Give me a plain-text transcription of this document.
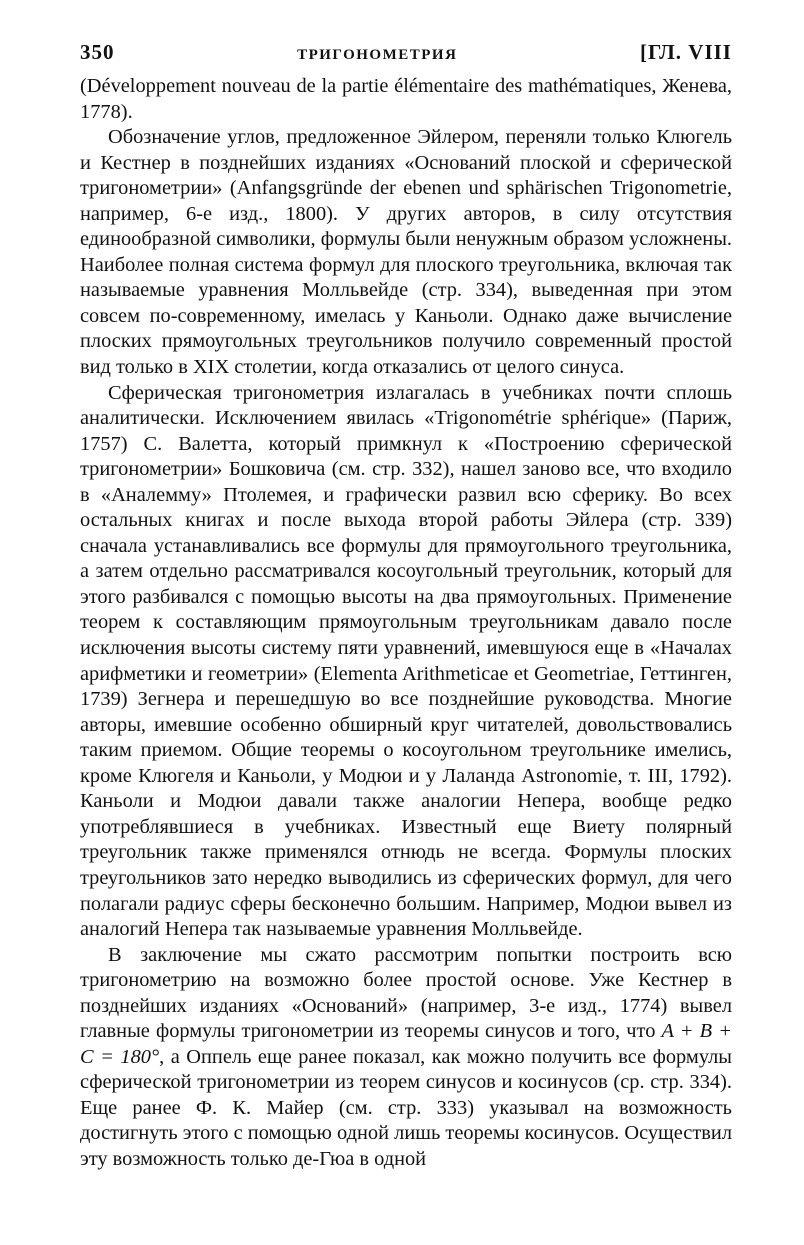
350	ТРИГОНОМЕТРИЯ	[ГЛ. VIII

(Développement nouveau de la partie élémentaire des mathématiques, Женева, 1778).

Обозначение углов, предложенное Эйлером, переняли только Клюгель и Кестнер в позднейших изданиях «Оснований плоской и сферической тригонометрии» (Anfangsgründe der ebenen und sphärischen Trigonometrie, например, 6-е изд., 1800). У других авторов, в силу отсутствия единообразной символики, формулы были ненужным образом усложнены. Наиболее полная система формул для плоского треугольника, включая так называемые уравнения Молльвейде (стр. 334), выведенная при этом совсем по-современному, имелась у Каньоли. Однако даже вычисление плоских прямоугольных треугольников получило современный простой вид только в XIX столетии, когда отказались от целого синуса.

Сферическая тригонометрия излагалась в учебниках почти сплошь аналитически. Исключением явилась «Trigonométrie sphérique» (Париж, 1757) С. Валетта, который примкнул к «Построению сферической тригонометрии» Бошковича (см. стр. 332), нашел заново все, что входило в «Аналемму» Птолемея, и графически развил всю сферику. Во всех остальных книгах и после выхода второй работы Эйлера (стр. 339) сначала устанавливались все формулы для прямоугольного треугольника, а затем отдельно рассматривался косоугольный треугольник, который для этого разбивался с помощью высоты на два прямоугольных. Применение теорем к составляющим прямоугольным треугольникам давало после исключения высоты систему пяти уравнений, имевшуюся еще в «Началах арифметики и геометрии» (Elementa Arithmeticae et Geometriae, Геттинген, 1739) Зегнера и перешедшую во все позднейшие руководства. Многие авторы, имевшие особенно обширный круг читателей, довольствовались таким приемом. Общие теоремы о косоугольном треугольнике имелись, кроме Клюгеля и Каньоли, у Модюи и у Лаланда Astronomie, т. III, 1792). Каньоли и Модюи давали также аналогии Непера, вообще редко употреблявшиеся в учебниках. Известный еще Виету полярный треугольник также применялся отнюдь не всегда. Формулы плоских треугольников зато нередко выводились из сферических формул, для чего полагали радиус сферы бесконечно большим. Например, Модюи вывел из аналогий Непера так называемые уравнения Молльвейде.

В заключение мы сжато рассмотрим попытки построить всю тригонометрию на возможно более простой основе. Уже Кестнер в позднейших изданиях «Оснований» (например, 3-е изд., 1774) вывел главные формулы тригонометрии из теоремы синусов и того, что A + B + C = 180°, а Оппель еще ранее показал, как можно получить все формулы сферической тригонометрии из теорем синусов и косинусов (ср. стр. 334). Еще ранее Ф. К. Майер (см. стр. 333) указывал на возможность достигнуть этого с помощью одной лишь теоремы косинусов. Осуществил эту возможность только де-Гюа в одной
